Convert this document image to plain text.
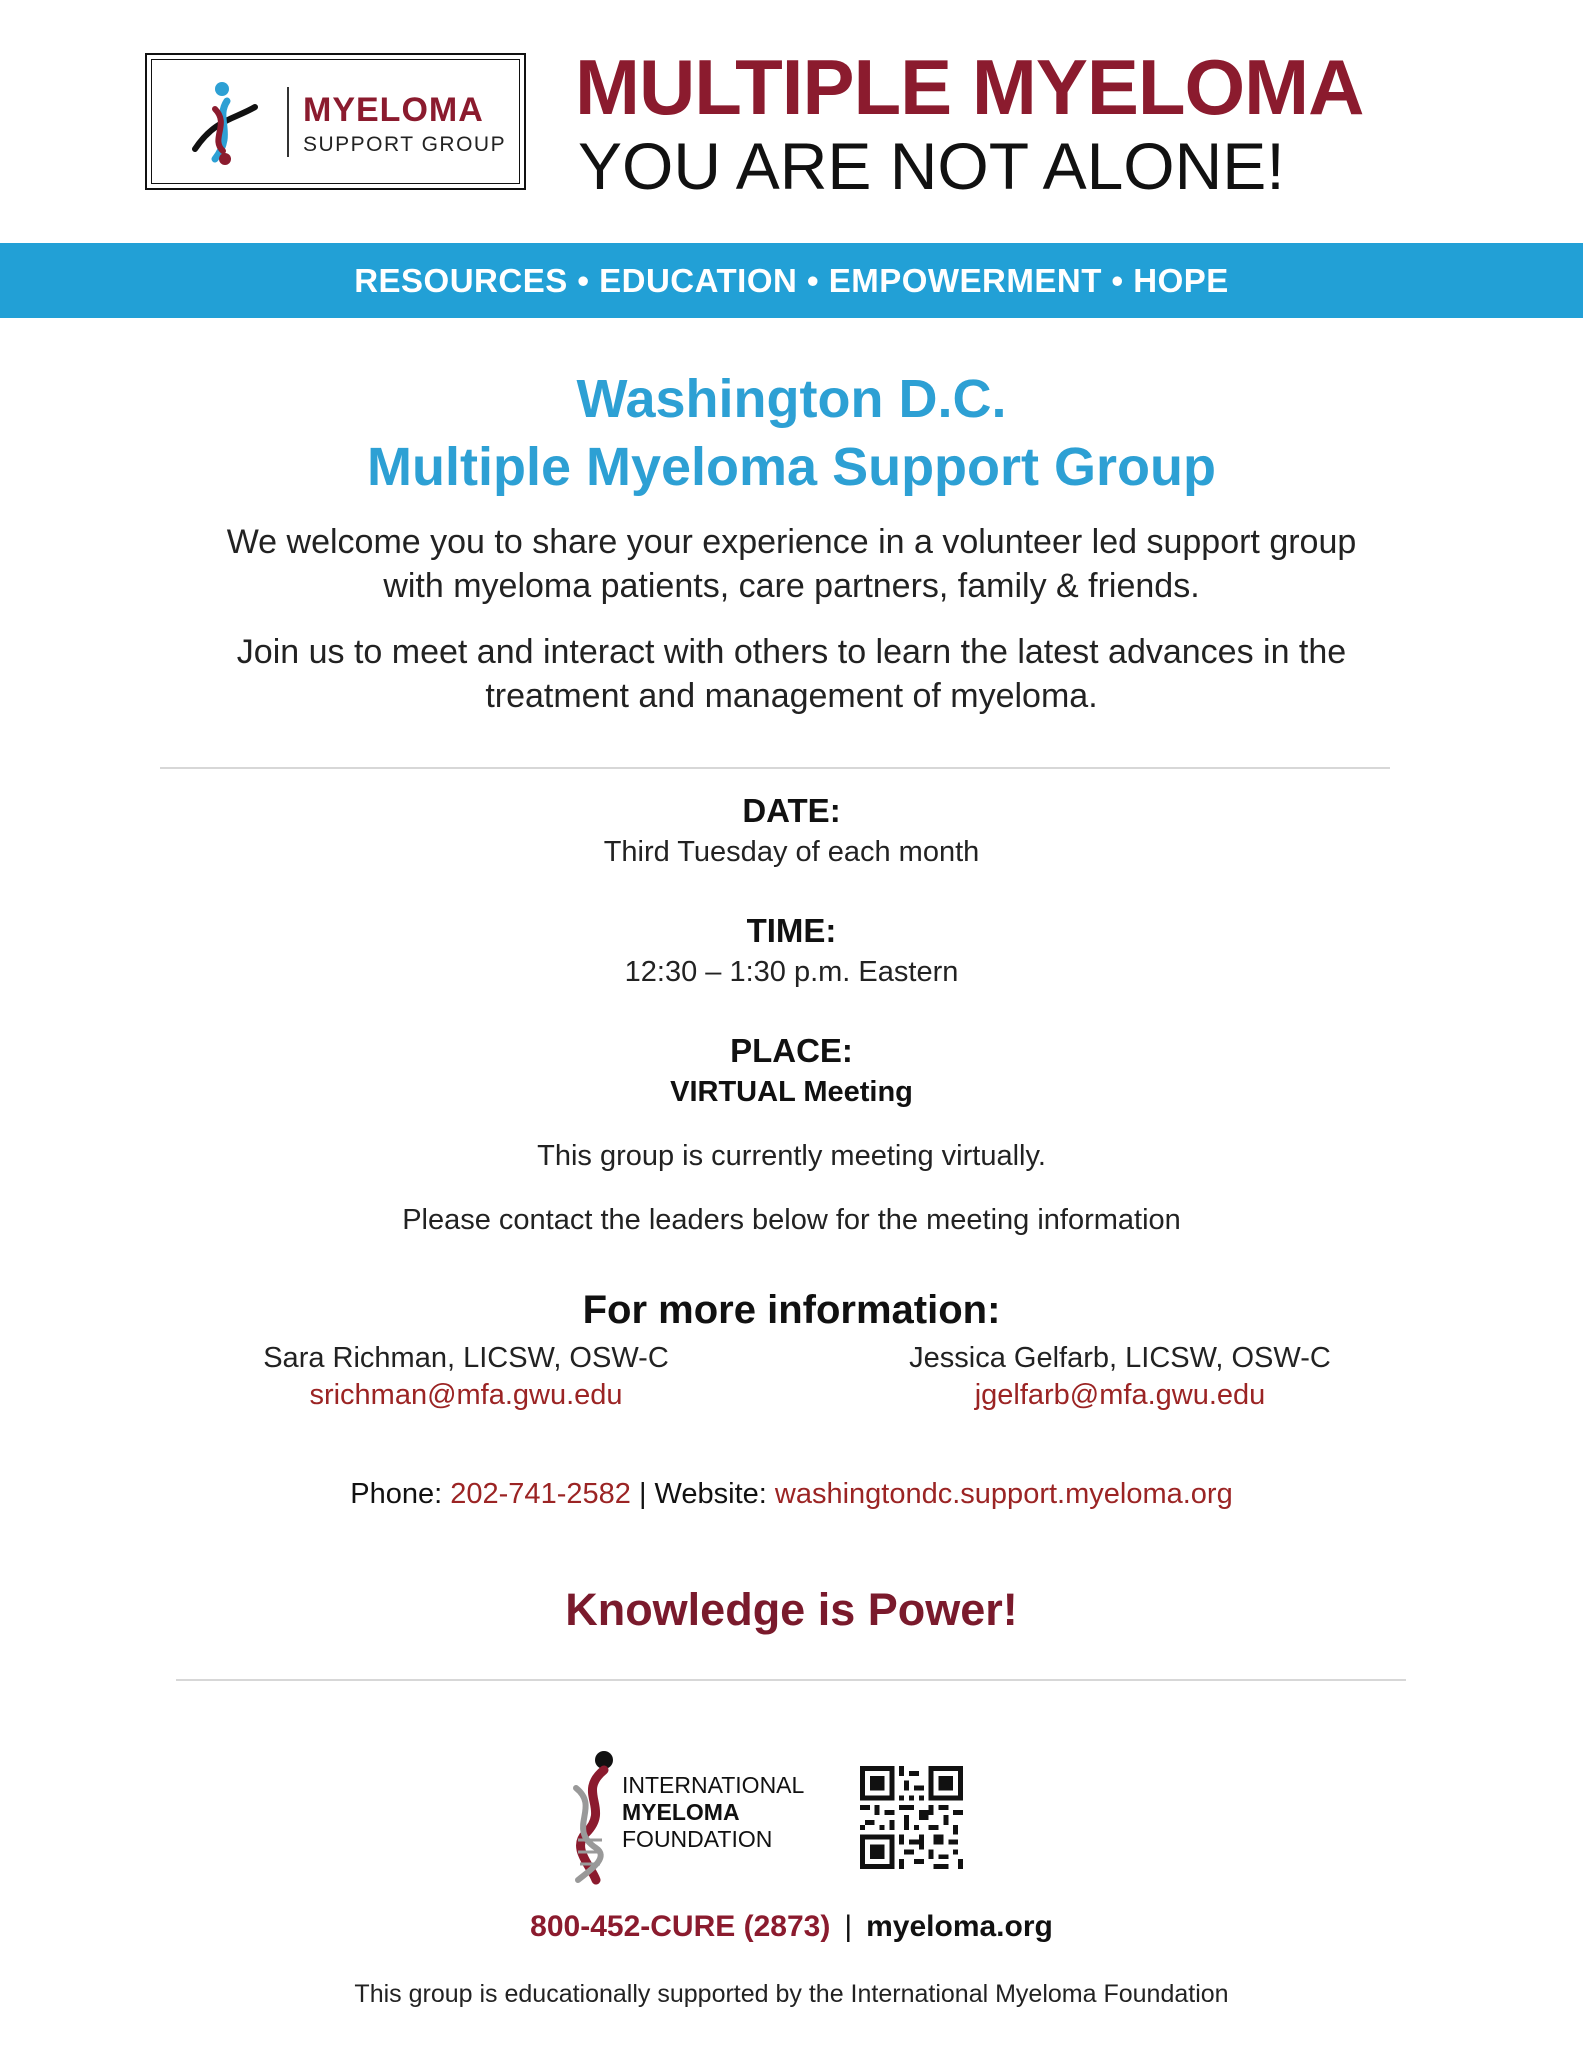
MYELOMA
SUPPORT GROUP
MULTIPLE MYELOMA
YOU ARE NOT ALONE!
RESOURCES • EDUCATION • EMPOWERMENT • HOPE
Washington D.C.
Multiple Myeloma Support Group
We welcome you to share your experience in a volunteer led support group
with myeloma patients, care partners, family & friends.
Join us to meet and interact with others to learn the latest advances in the
treatment and management of myeloma.
DATE:
Third Tuesday of each month
TIME:
12:30 – 1:30 p.m. Eastern
PLACE:
VIRTUAL Meeting
This group is currently meeting virtually.
Please contact the leaders below for the meeting information
For more information:
Sara Richman, LICSW, OSW-C
srichman@mfa.gwu.edu
Jessica Gelfarb, LICSW, OSW-C
jgelfarb@mfa.gwu.edu
Phone: 202-741-2582 | Website: washingtondc.support.myeloma.org
Knowledge is Power!
INTERNATIONAL
MYELOMA
FOUNDATION
800-452-CURE (2873) | myeloma.org
This group is educationally supported by the International Myeloma Foundation
